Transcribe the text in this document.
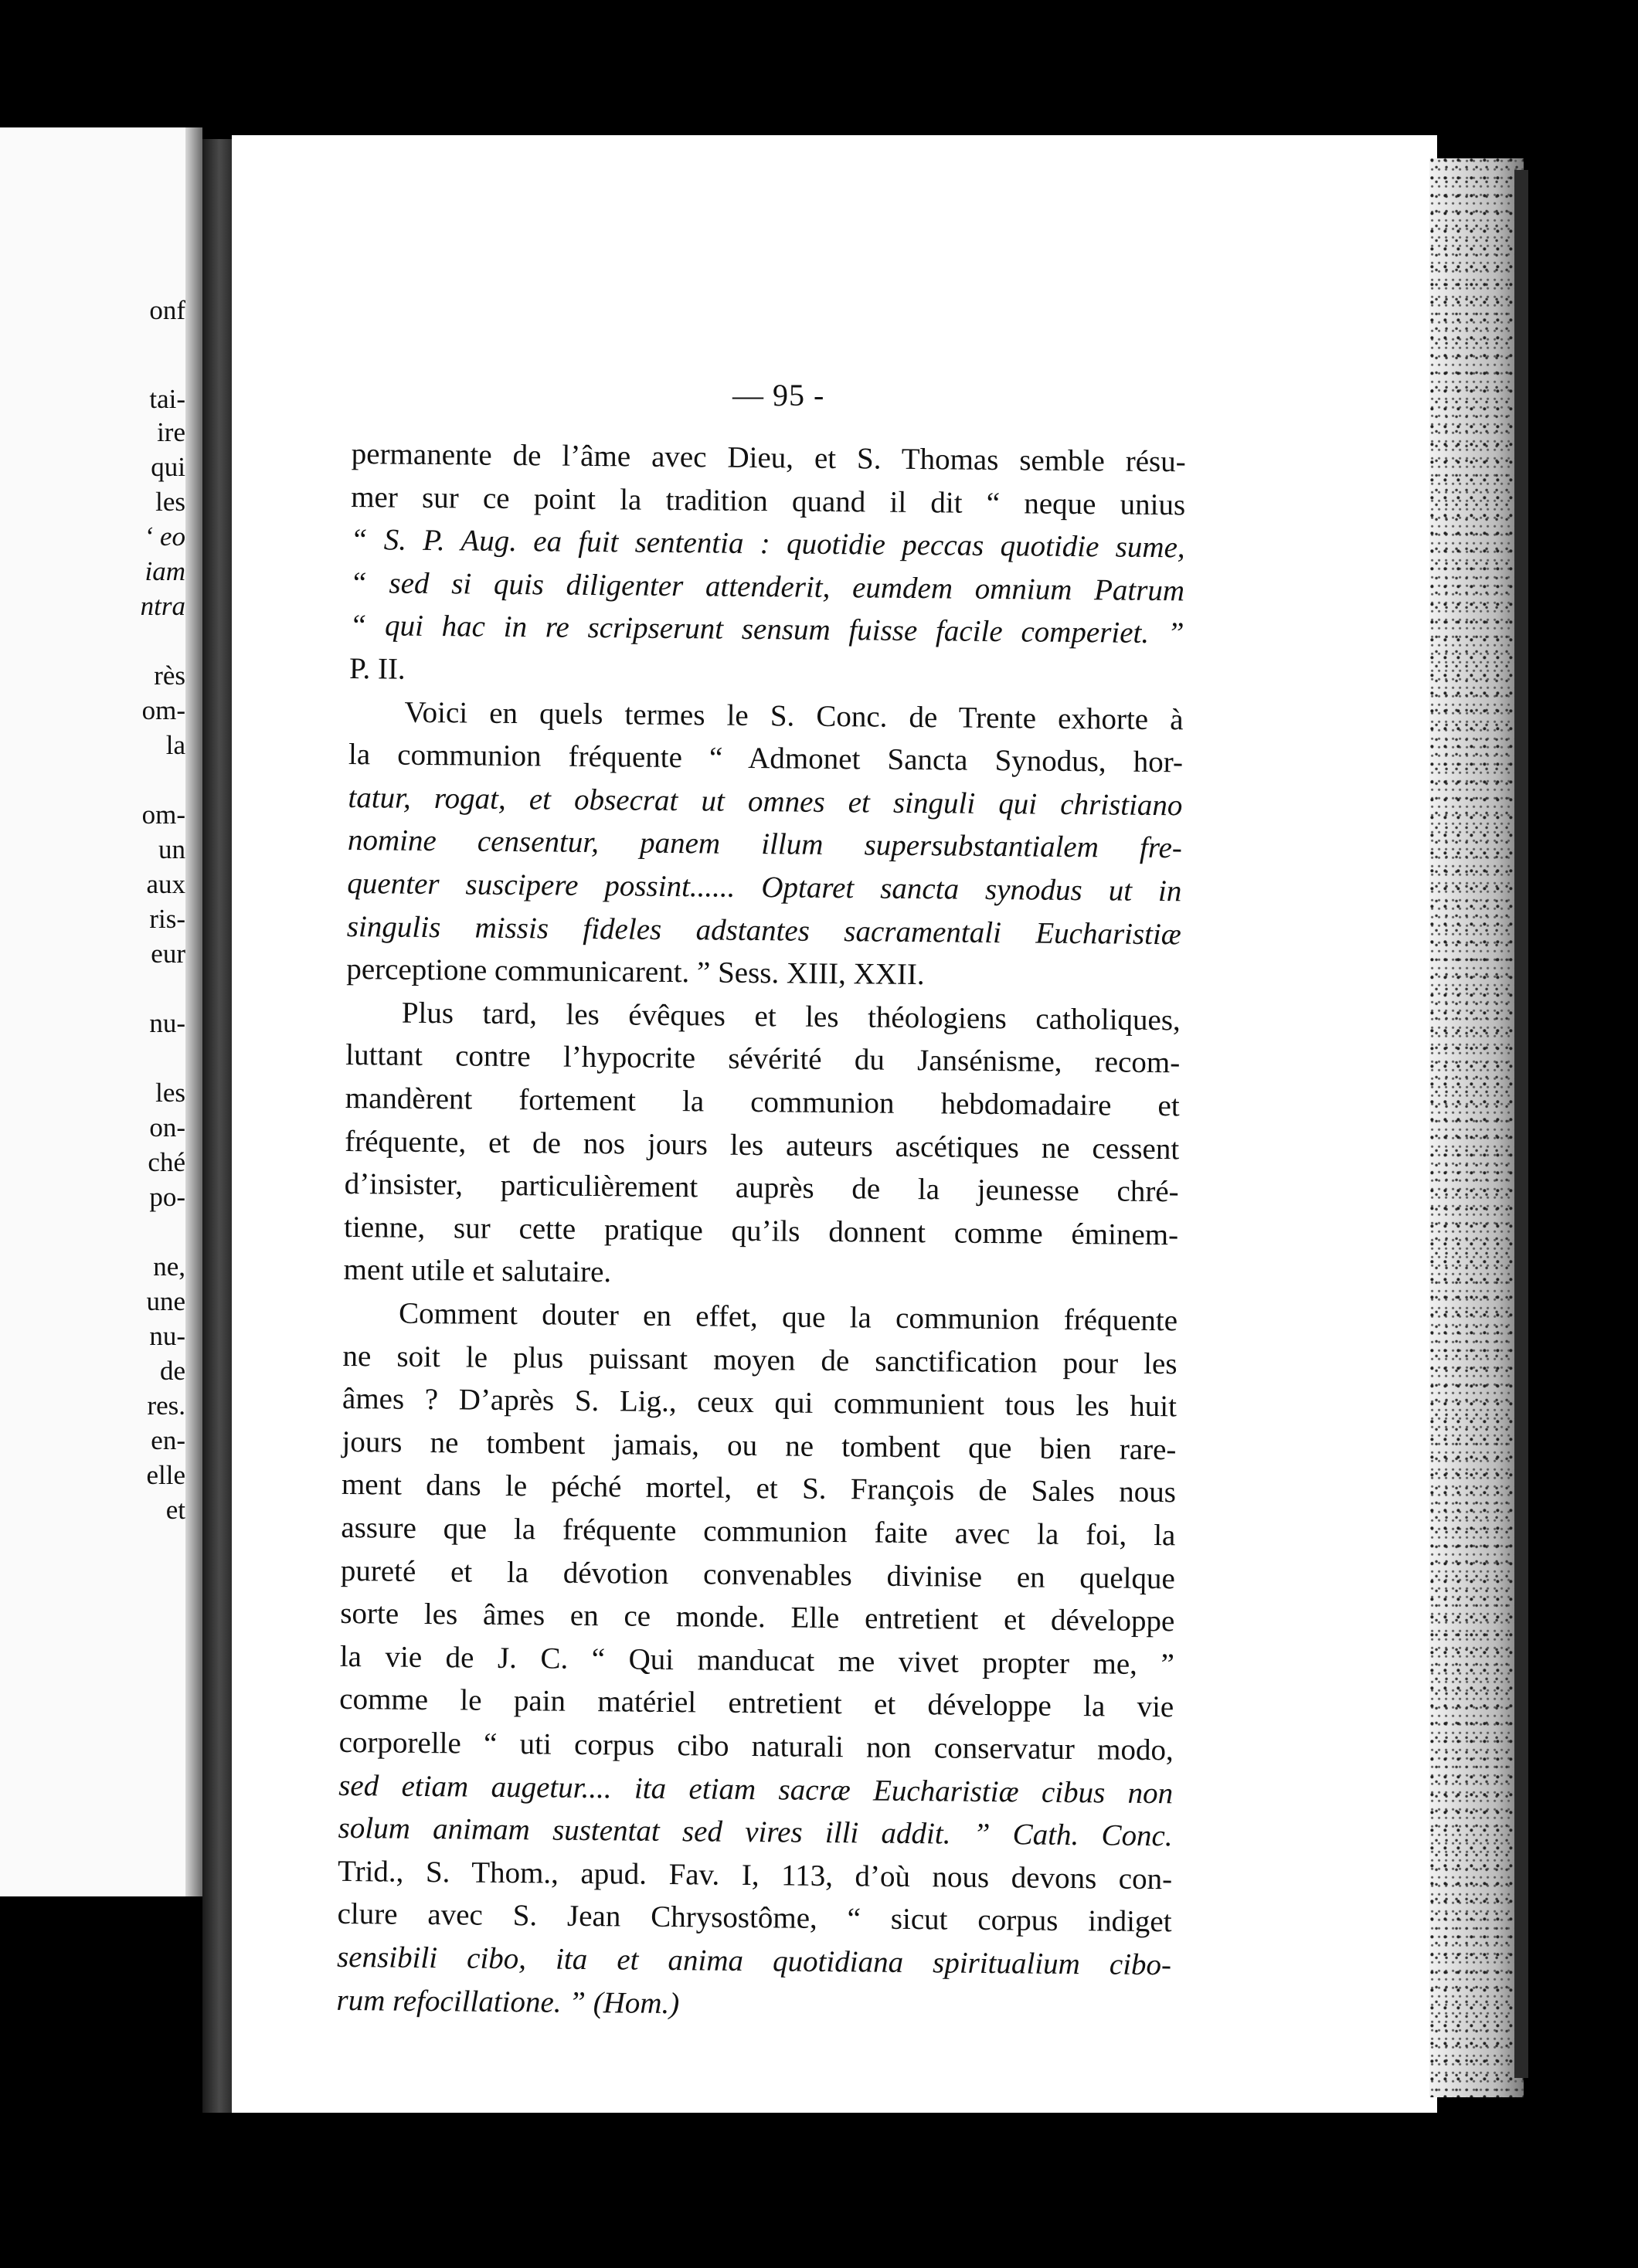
onf
tai-
ire
qui
les
‘ eo
iam
ntra
rès
om-
la
om-
un
aux
ris-
eur
nu-
les
on-
ché
po-
ne,
une
nu-
de
res.
en-
elle
et
— 95 -
permanente de l’âme avec Dieu, et S. Thomas semble résu-
mer sur ce point la tradition quand il dit “ neque unius
“ S. P. Aug. ea fuit sententia : quotidie peccas quotidie sume,
“ sed si quis diligenter attenderit, eumdem omnium Patrum
“ qui hac in re scripserunt sensum fuisse facile comperiet. ”
P. II.
Voici en quels termes le S. Conc. de Trente exhorte à
la communion fréquente “ Admonet Sancta Synodus, hor-
tatur, rogat, et obsecrat ut omnes et singuli qui christiano
nomine censentur, panem illum supersubstantialem fre-
quenter suscipere possint...... Optaret sancta synodus ut in
singulis missis fideles adstantes sacramentali Eucharistiæ
perceptione communicarent. ” Sess. XIII, XXII.
Plus tard, les évêques et les théologiens catholiques,
luttant contre l’hypocrite sévérité du Jansénisme, recom-
mandèrent fortement la communion hebdomadaire et
fréquente, et de nos jours les auteurs ascétiques ne cessent
d’insister, particulièrement auprès de la jeunesse chré-
tienne, sur cette pratique qu’ils donnent comme éminem-
ment utile et salutaire.
Comment douter en effet, que la communion fréquente
ne soit le plus puissant moyen de sanctification pour les
âmes ? D’après S. Lig., ceux qui communient tous les huit
jours ne tombent jamais, ou ne tombent que bien rare-
ment dans le péché mortel, et S. François de Sales nous
assure que la fréquente communion faite avec la foi, la
pureté et la dévotion convenables divinise en quelque
sorte les âmes en ce monde. Elle entretient et développe
la vie de J. C. “ Qui manducat me vivet propter me, ”
comme le pain matériel entretient et développe la vie
corporelle “ uti corpus cibo naturali non conservatur modo,
sed etiam augetur.... ita etiam sacræ Eucharistiæ cibus non
solum animam sustentat sed vires illi addit. ” Cath. Conc.
Trid., S. Thom., apud. Fav. I, 113, d’où nous devons con-
clure avec S. Jean Chrysostôme, “ sicut corpus indiget
sensibili cibo, ita et anima quotidiana spiritualium cibo-
rum refocillatione. ” (Hom.)
